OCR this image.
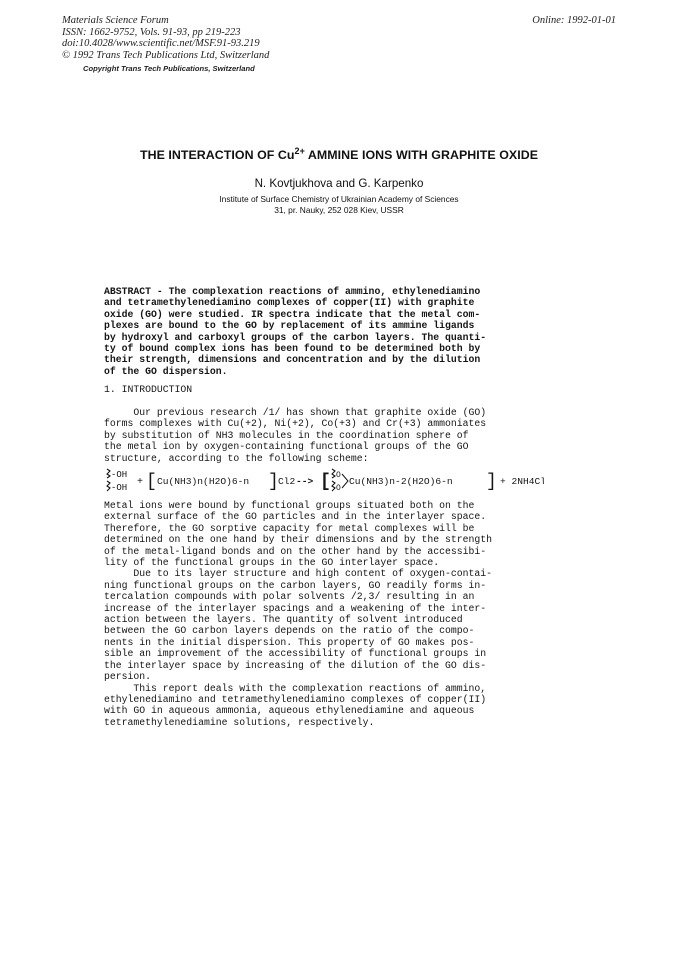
Materials Science Forum
ISSN: 1662-9752, Vols. 91-93, pp 219-223
doi:10.4028/www.scientific.net/MSF.91-93.219
© 1992 Trans Tech Publications Ltd, Switzerland
Copyright Trans Tech Publications, Switzerland
Online: 1992-01-01
THE INTERACTION OF $Cu^{2+}$ AMMINE IONS WITH GRAPHITE OXIDE
N. Kovtjukhova and G. Karpenko
Institute of Surface Chemistry of Ukrainian Academy of Sciences
31, pr. Nauky, 252 028 Kiev, USSR
ABSTRACT - The complexation reactions of ammino, ethylenediamino
and tetramethylenediamino complexes of copper(II) with graphite
oxide (GO) were studied. IR spectra indicate that the metal com-
plexes are bound to the GO by replacement of its ammine ligands
by hydroxyl and carboxyl groups of the carbon layers. The quanti-
ty of bound complex ions has been found to be determined both by
their strength, dimensions and concentration and by the dilution
of the GO dispersion.
1. INTRODUCTION
Our previous research /1/ has shown that graphite oxide (GO)
forms complexes with Cu(+2), Ni(+2), Co(+3) and Cr(+3) ammoniates
by substitution of NH3 molecules in the coordination sphere of
the metal ion by oxygen-containing functional groups of the GO
structure, according to the following scheme:
-OH
-OH + [ Cu(NH3)n(H2O)6-n ] Cl2 --> [ O
O
Cu(NH3)n-2(H2O)6-n ] + 2NH4Cl
Metal ions were bound by functional groups situated both on the
external surface of the GO particles and in the interlayer space.
Therefore, the GO sorptive capacity for metal complexes will be
determined on the one hand by their dimensions and by the strength
of the metal-ligand bonds and on the other hand by the accessibi-
lity of the functional groups in the GO interlayer space.
Due to its layer structure and high content of oxygen-contai-
ning functional groups on the carbon layers, GO readily forms in-
tercalation compounds with polar solvents /2,3/ resulting in an
increase of the interlayer spacings and a weakening of the inter-
action between the layers. The quantity of solvent introduced
between the GO carbon layers depends on the ratio of the compo-
nents in the initial dispersion. This property of GO makes pos-
sible an improvement of the accessibility of functional groups in
the interlayer space by increasing of the dilution of the GO dis-
persion.
This report deals with the complexation reactions of ammino,
ethylenediamino and tetramethylenediamino complexes of copper(II)
with GO in aqueous ammonia, aqueous ethylenediamine and aqueous
tetramethylenediamine solutions, respectively.
